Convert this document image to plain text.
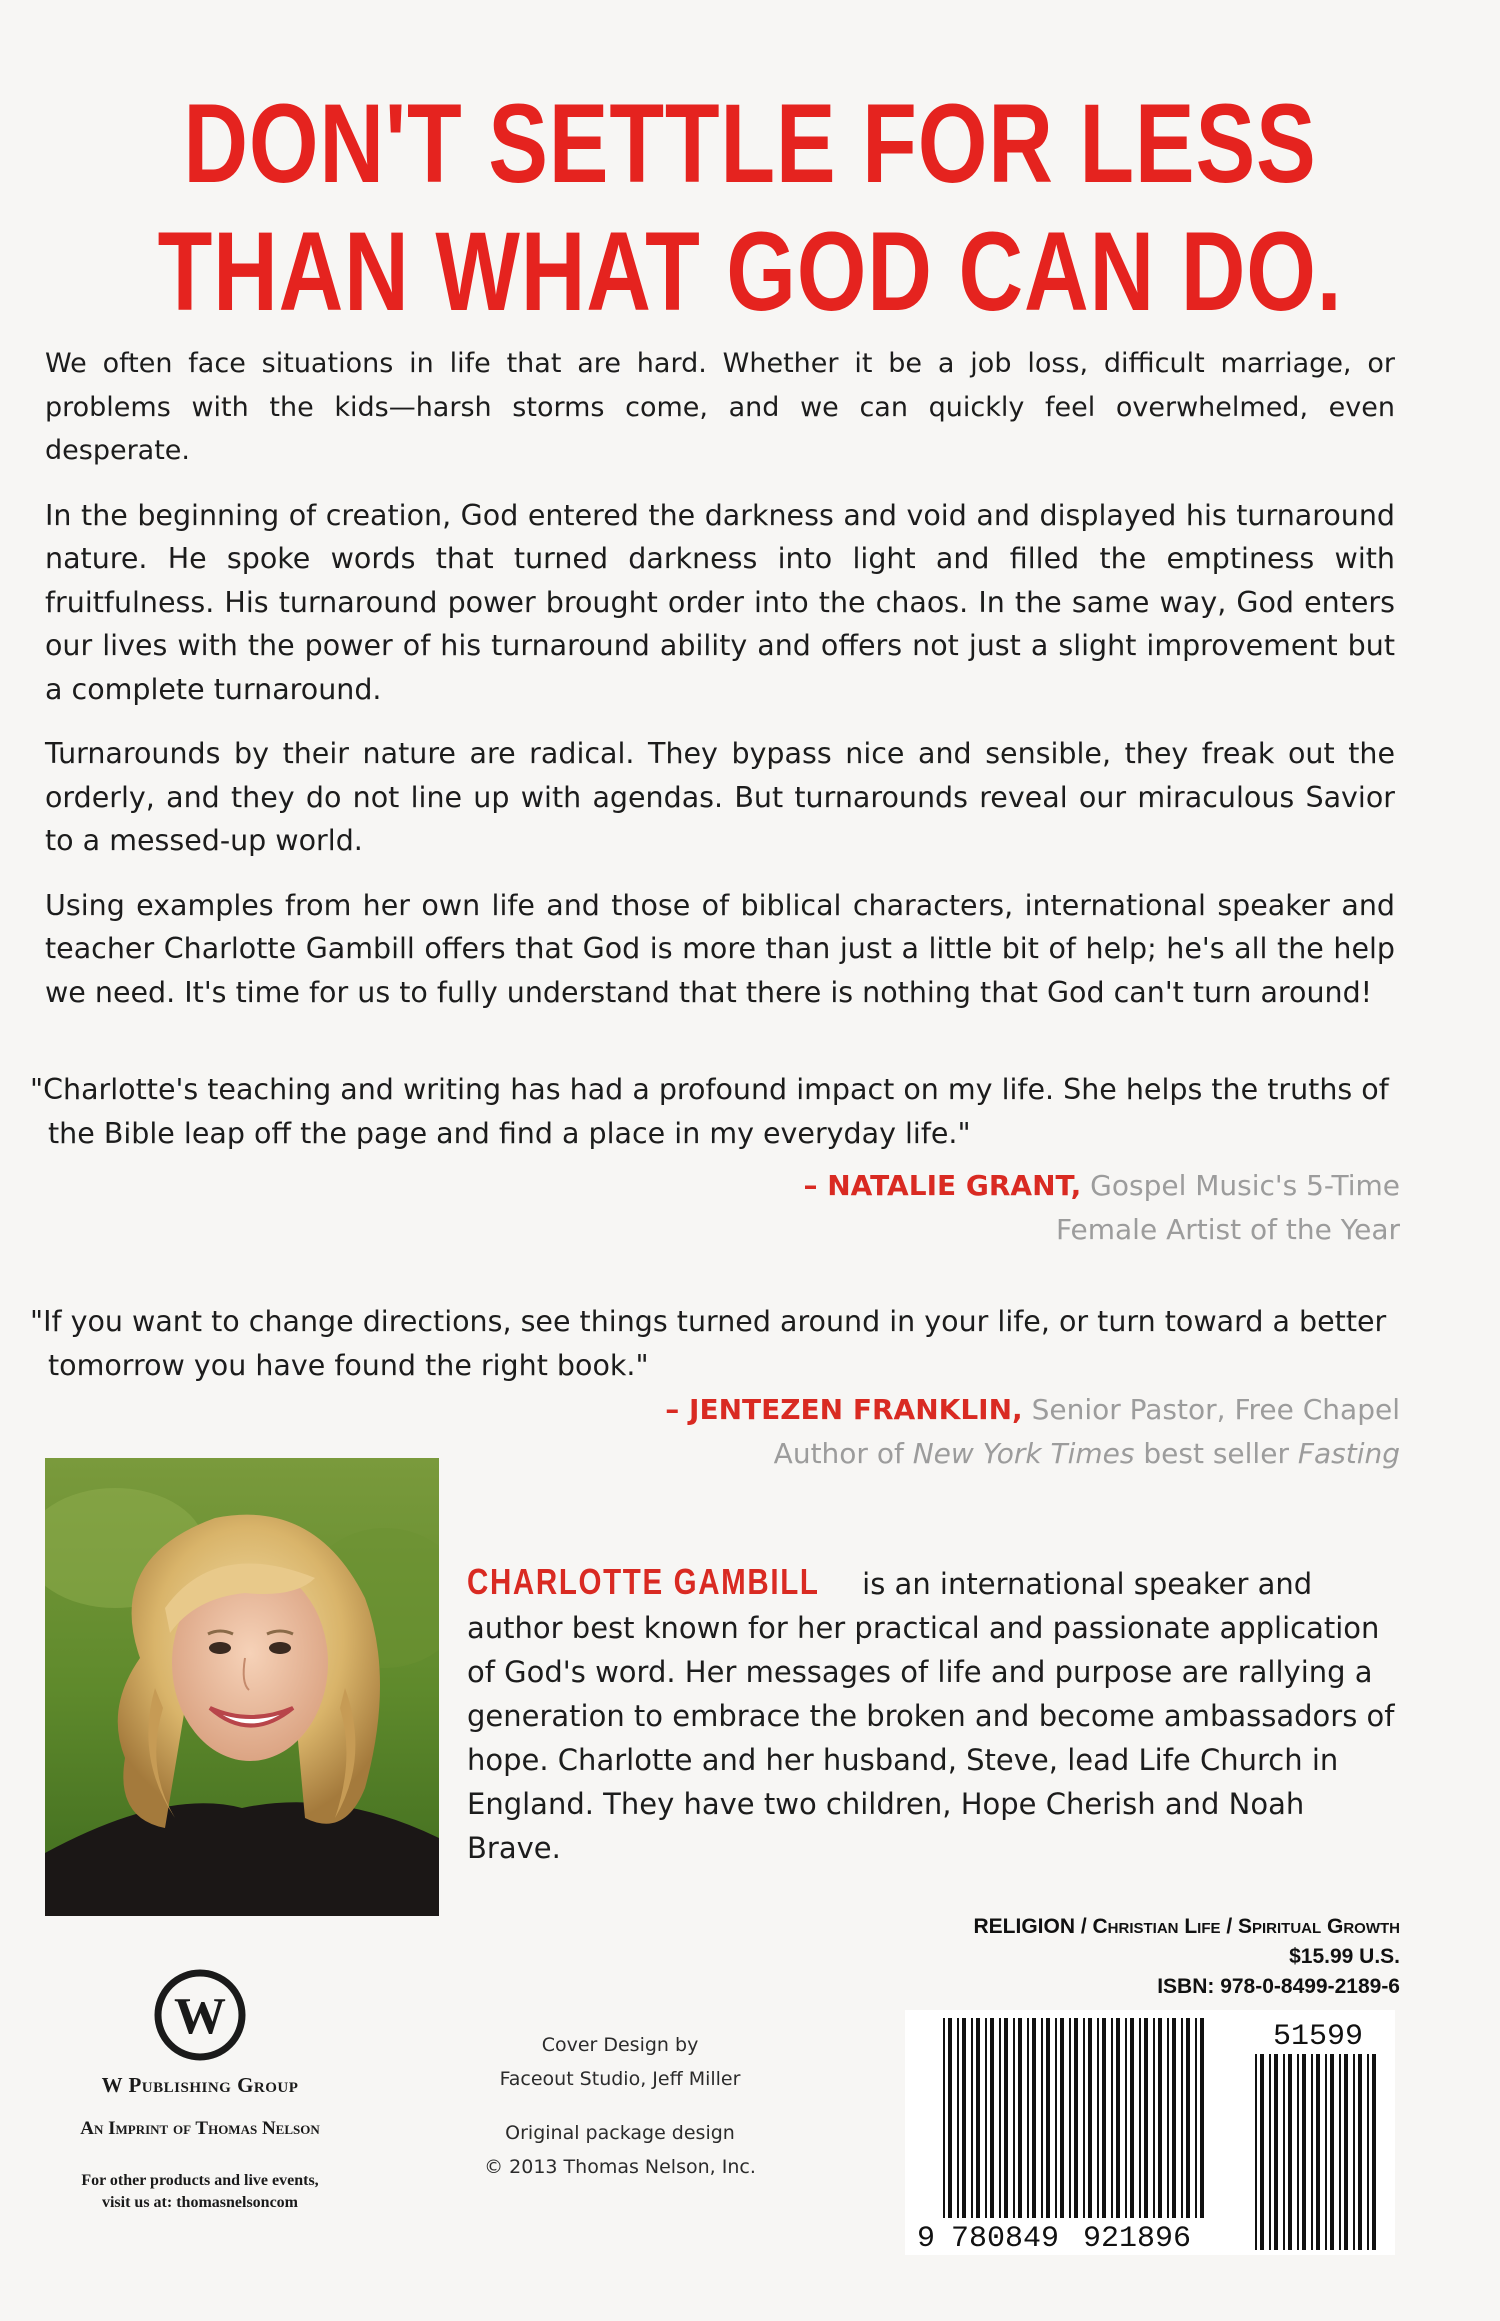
DON'T SETTLE FOR LESS
THAN WHAT GOD CAN DO.

We often face situations in life that are hard. Whether it be a job loss, difficult marriage, or problems with the kids—harsh storms come, and we can quickly feel overwhelmed, even desperate.

In the beginning of creation, God entered the darkness and void and displayed his turnaround nature. He spoke words that turned darkness into light and filled the emptiness with fruitfulness. His turnaround power brought order into the chaos. In the same way, God enters our lives with the power of his turnaround ability and offers not just a slight improvement but a complete turnaround.

Turnarounds by their nature are radical. They bypass nice and sensible, they freak out the orderly, and they do not line up with agendas. But turnarounds reveal our miraculous Savior to a messed-up world.

Using examples from her own life and those of biblical characters, international speaker and teacher Charlotte Gambill offers that God is more than just a little bit of help; he's all the help we need. It's time for us to fully understand that there is nothing that God can't turn around!

"Charlotte's teaching and writing has had a profound impact on my life. She helps the truths of the Bible leap off the page and find a place in my everyday life."
– NATALIE GRANT, Gospel Music's 5-Time
Female Artist of the Year
"If you want to change directions, see things turned around in your life, or turn toward a better tomorrow you have found the right book."
– JENTEZEN FRANKLIN, Senior Pastor, Free Chapel
Author of New York Times best seller Fasting
CHARLOTTE GAMBILL is an international speaker and author best known for her practical and passionate application of God's word. Her messages of life and purpose are rallying a generation to embrace the broken and become ambassadors of hope. Charlotte and her husband, Steve, lead Life Church in England. They have two children, Hope Cherish and Noah Brave.
W
W Publishing Group
An Imprint of Thomas Nelson
For other products and live events,
visit us at: thomasnelsoncom
Cover Design by
Faceout Studio, Jeff Miller
Original package design
© 2013 Thomas Nelson, Inc.
RELIGION / Christian Life / Spiritual Growth
$15.99 U.S.
ISBN: 978-0-8499-2189-6
9 780849 921896
51599
